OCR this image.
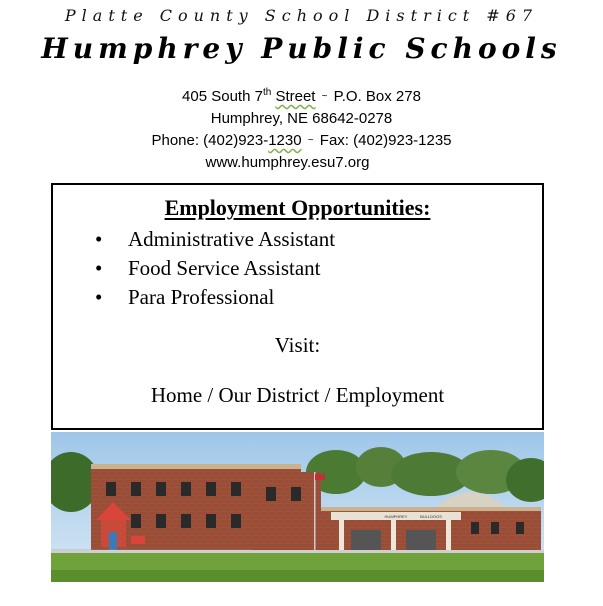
Platte County School District #67
Humphrey Public Schools
405 South 7th Street ~ P.O. Box 278
Humphrey, NE 68642-0278
Phone: (402)923-1230 ~ Fax: (402)923-1235
www.humphrey.esu7.org
Employment Opportunities:
•	Administrative Assistant
•	Food Service Assistant
•	Para Professional
Visit:
Home / Our District / Employment
HUMPHREY	BULLDOGS
